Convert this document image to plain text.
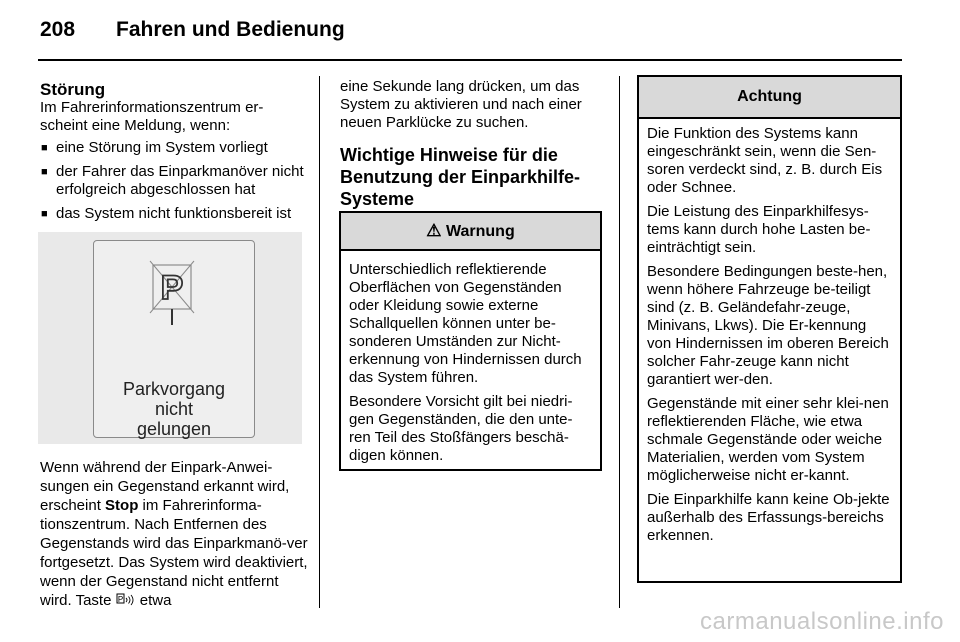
208 Fahren und Bedienung

Störung

Im Fahrerinformationszentrum er-
scheint eine Meldung, wenn:

■ eine Störung im System vorliegt
■ der Fahrer das Einparkmanöver nicht erfolgreich abgeschlossen hat
■ das System nicht funktionsbereit ist
P
Parkvorgang
nicht
gelungen
Wenn während der Einpark-Anwei-sungen ein Gegenstand erkannt wird, erscheint Stop im Fahrerinforma-tionszentrum. Nach Entfernen des Gegenstands wird das Einparkmanö-ver fortgesetzt. Das System wird deaktiviert, wenn der Gegenstand nicht entfernt wird. Taste P etwa

eine Sekunde lang drücken, um das System zu aktivieren und nach einer neuen Parklücke zu suchen.

Wichtige Hinweise für die Benutzung der Einparkhilfe-Systeme

⚠ Warnung

Unterschiedlich reflektierende Oberflächen von Gegenständen oder Kleidung sowie externe Schallquellen können unter be-sonderen Umständen zur Nicht-erkennung von Hindernissen durch das System führen.

Besondere Vorsicht gilt bei niedri-gen Gegenständen, die den unte-ren Teil des Stoßfängers beschä-digen können.

Achtung

Die Funktion des Systems kann eingeschränkt sein, wenn die Sen-soren verdeckt sind, z. B. durch Eis oder Schnee.

Die Leistung des Einparkhilfesys-tems kann durch hohe Lasten be-einträchtigt sein.

Besondere Bedingungen beste-hen, wenn höhere Fahrzeuge be-teiligt sind (z. B. Geländefahr-zeuge, Minivans, Lkws). Die Er-kennung von Hindernissen im oberen Bereich solcher Fahr-zeuge kann nicht garantiert wer-den.

Gegenstände mit einer sehr klei-nen reflektierenden Fläche, wie etwa schmale Gegenstände oder weiche Materialien, werden vom System möglicherweise nicht er-kannt.

Die Einparkhilfe kann keine Ob-jekte außerhalb des Erfassungs-bereichs erkennen.

carmanualsonline.info
